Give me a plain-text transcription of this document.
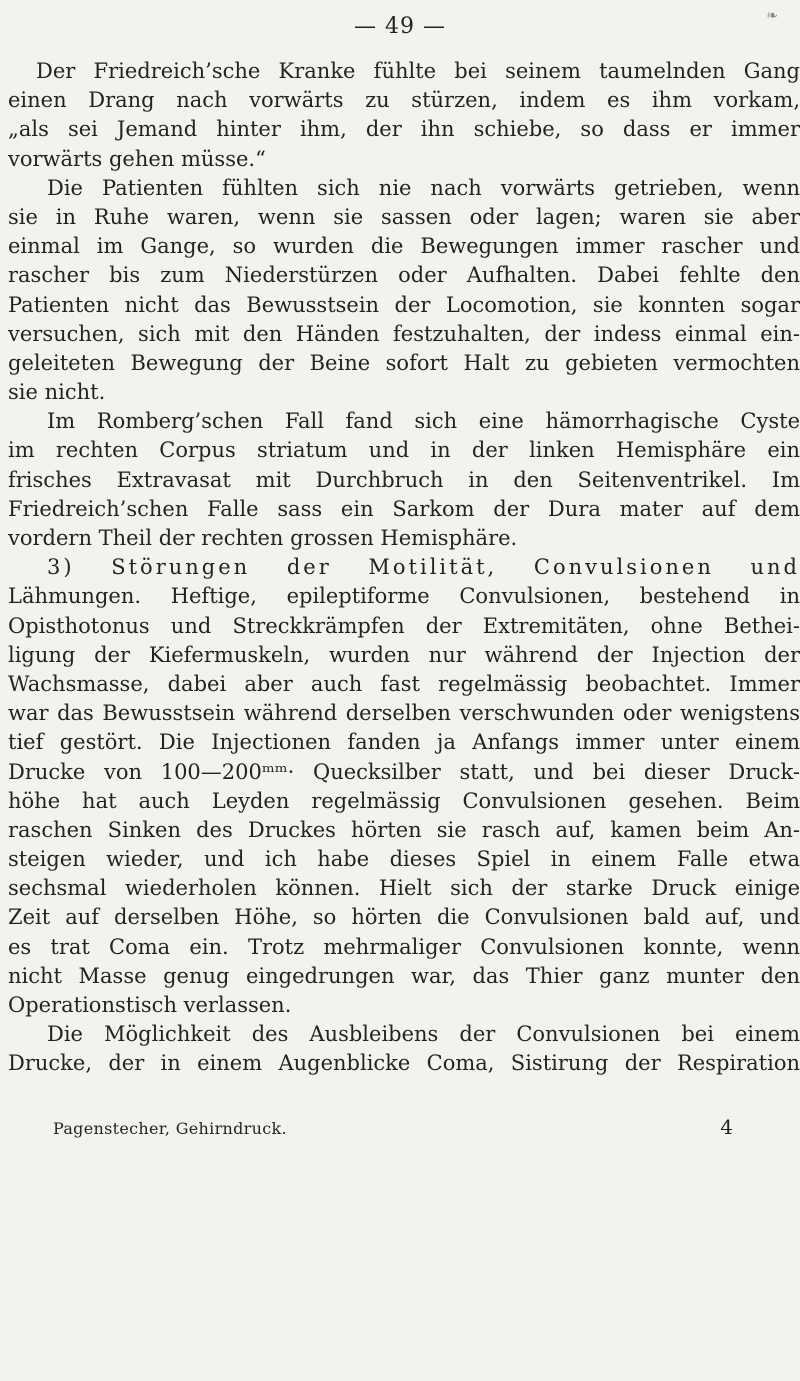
❧
— 49 —
Der Friedreich’sche Kranke fühlte bei seinem taumelnden Gang
einen Drang nach vorwärts zu stürzen, indem es ihm vorkam,
„als sei Jemand hinter ihm, der ihn schiebe, so dass er immer
vorwärts gehen müsse.“
Die Patienten fühlten sich nie nach vorwärts getrieben, wenn
sie in Ruhe waren, wenn sie sassen oder lagen; waren sie aber
einmal im Gange, so wurden die Bewegungen immer rascher und
rascher bis zum Niederstürzen oder Aufhalten. Dabei fehlte den
Patienten nicht das Bewusstsein der Locomotion, sie konnten sogar
versuchen, sich mit den Händen festzuhalten, der indess einmal ein-
geleiteten Bewegung der Beine sofort Halt zu gebieten vermochten
sie nicht.
Im Romberg’schen Fall fand sich eine hämorrhagische Cyste
im rechten Corpus striatum und in der linken Hemisphäre ein
frisches Extravasat mit Durchbruch in den Seitenventrikel. Im
Friedreich’schen Falle sass ein Sarkom der Dura mater auf dem
vordern Theil der rechten grossen Hemisphäre.
3) Störungen der Motilität, Convulsionen und
Lähmungen. Heftige, epileptiforme Convulsionen, bestehend in
Opisthotonus und Streckkrämpfen der Extremitäten, ohne Bethei-
ligung der Kiefermuskeln, wurden nur während der Injection der
Wachsmasse, dabei aber auch fast regelmässig beobachtet. Immer
war das Bewusstsein während derselben verschwunden oder wenigstens
tief gestört. Die Injectionen fanden ja Anfangs immer unter einem
Drucke von 100—200ᵐᵐ· Quecksilber statt, und bei dieser Druck-
höhe hat auch Leyden regelmässig Convulsionen gesehen. Beim
raschen Sinken des Druckes hörten sie rasch auf, kamen beim An-
steigen wieder, und ich habe dieses Spiel in einem Falle etwa
sechsmal wiederholen können. Hielt sich der starke Druck einige
Zeit auf derselben Höhe, so hörten die Convulsionen bald auf, und
es trat Coma ein. Trotz mehrmaliger Convulsionen konnte, wenn
nicht Masse genug eingedrungen war, das Thier ganz munter den
Operationstisch verlassen.
Die Möglichkeit des Ausbleibens der Convulsionen bei einem
Drucke, der in einem Augenblicke Coma, Sistirung der Respiration
Pagenstecher, Gehirndruck.	4
